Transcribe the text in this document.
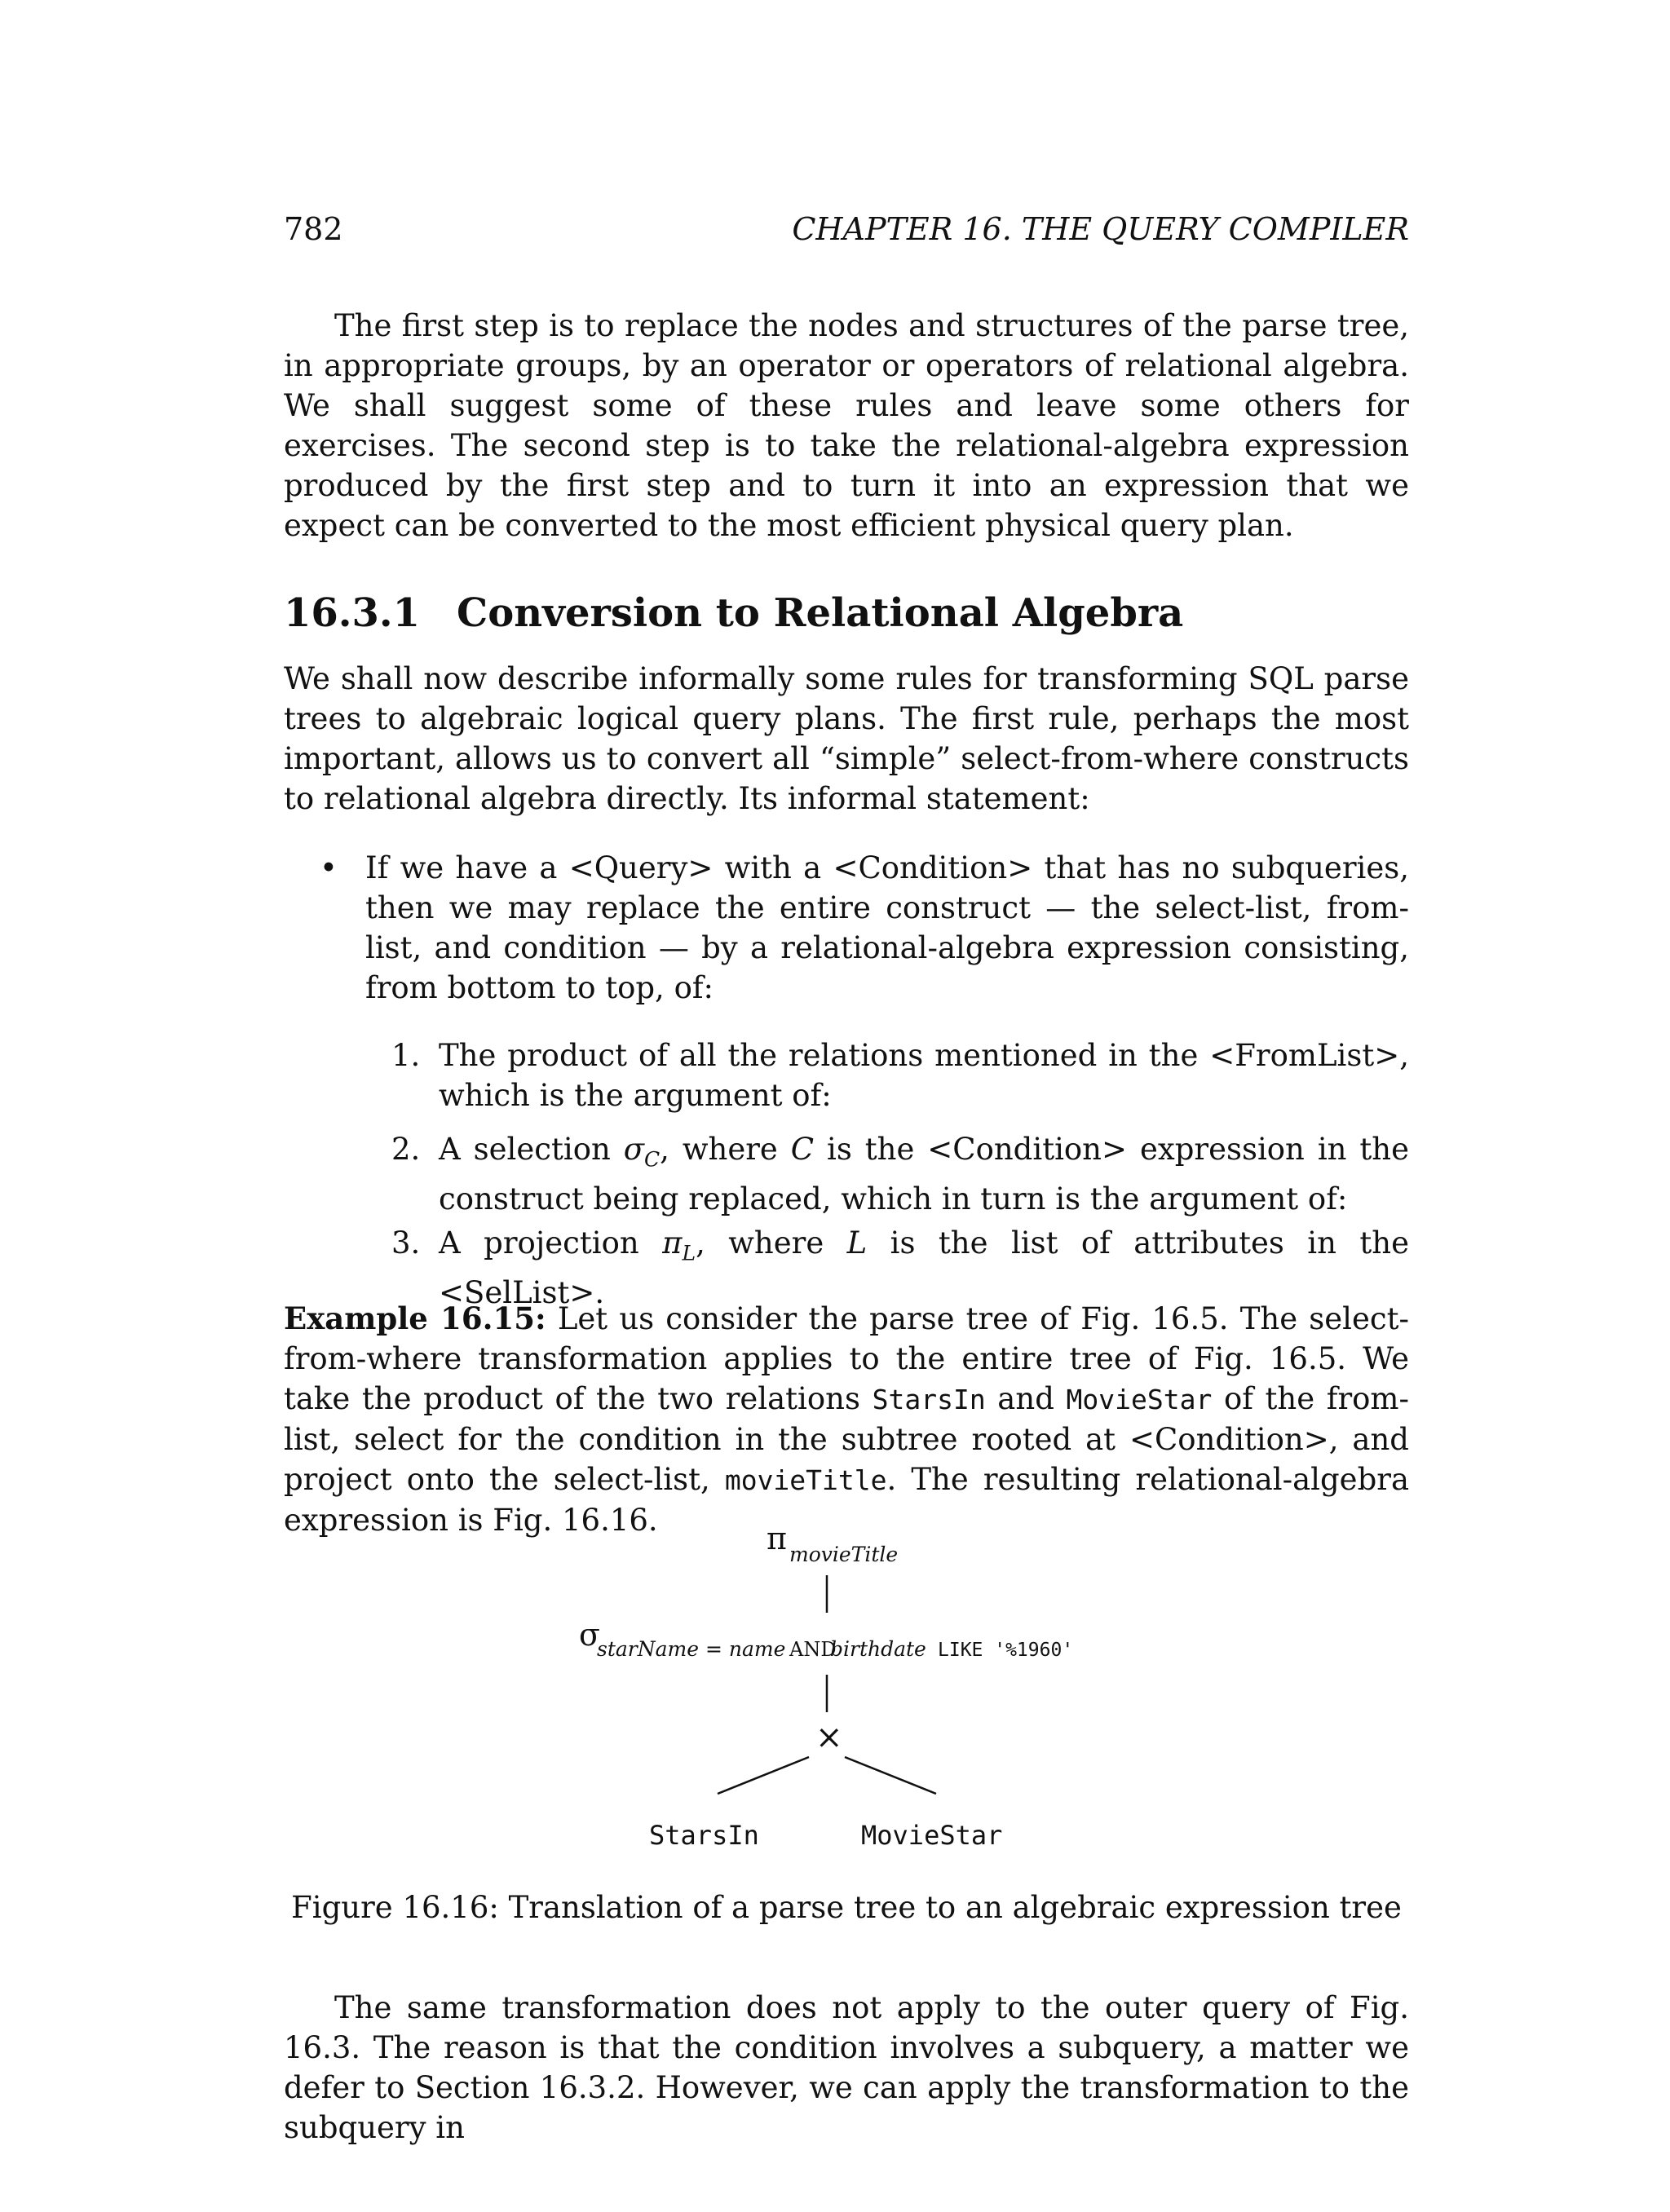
782	CHAPTER 16. THE QUERY COMPILER

The first step is to replace the nodes and structures of the parse tree, in appropriate groups, by an operator or operators of relational algebra. We shall suggest some of these rules and leave some others for exercises. The second step is to take the relational-algebra expression produced by the first step and to turn it into an expression that we expect can be converted to the most efficient physical query plan.

16.3.1 Conversion to Relational Algebra

We shall now describe informally some rules for transforming SQL parse trees to algebraic logical query plans. The first rule, perhaps the most important, allows us to convert all “simple” select-from-where constructs to relational algebra directly. Its informal statement:

• If we have a <Query> with a <Condition> that has no subqueries, then we may replace the entire construct — the select-list, from-list, and condition — by a relational-algebra expression consisting, from bottom to top, of:

1. The product of all the relations mentioned in the <FromList>, which is the argument of:

2. A selection $\sigma_C$, where C is the <Condition> expression in the construct being replaced, which in turn is the argument of:

3. A projection $\pi_L$, where L is the list of attributes in the <SelList>.

Example 16.15: Let us consider the parse tree of Fig. 16.5. The select-from-where transformation applies to the entire tree of Fig. 16.5. We take the product of the two relations StarsIn and MovieStar of the from-list, select for the condition in the subtree rooted at <Condition>, and project onto the select-list, movieTitle. The resulting relational-algebra expression is Fig. 16.16.

π movieTitle
σ
starName = name AND
birthdate LIKE '%1960'
×
StarsIn	MovieStar
Figure 16.16: Translation of a parse tree to an algebraic expression tree

The same transformation does not apply to the outer query of Fig. 16.3. The reason is that the condition involves a subquery, a matter we defer to Section 16.3.2. However, we can apply the transformation to the subquery in
